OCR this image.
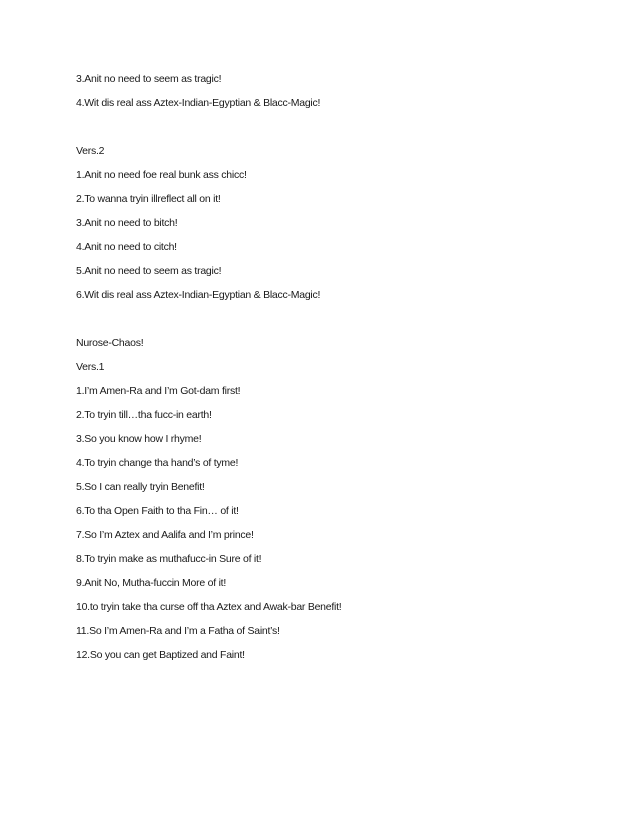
3.Anit no need to seem as tragic!

4.Wit dis real ass Aztex-Indian-Egyptian & Blacc-Magic!

Vers.2

1.Anit no need foe real bunk ass chicc!

2.To wanna tryin illreflect all on it!

3.Anit no need to bitch!

4.Anit no need to citch!

5.Anit no need to seem as tragic!

6.Wit dis real ass Aztex-Indian-Egyptian & Blacc-Magic!

Nurose-Chaos!

Vers.1

1.I’m Amen-Ra and I’m Got-dam first!

2.To tryin till…tha fucc-in earth!

3.So you know how I rhyme!

4.To tryin change tha hand’s of tyme!

5.So I can really tryin Benefit!

6.To tha Open Faith to tha Fin… of it!

7.So I’m Aztex and Aalifa and I’m prince!

8.To tryin make as muthafucc-in Sure of it!

9.Anit No, Mutha-fuccin More of it!

10.to tryin take tha curse off tha Aztex and Awak-bar Benefit!

11.So I’m Amen-Ra and I’m a Fatha of Saint’s!

12.So you can get Baptized and Faint!
